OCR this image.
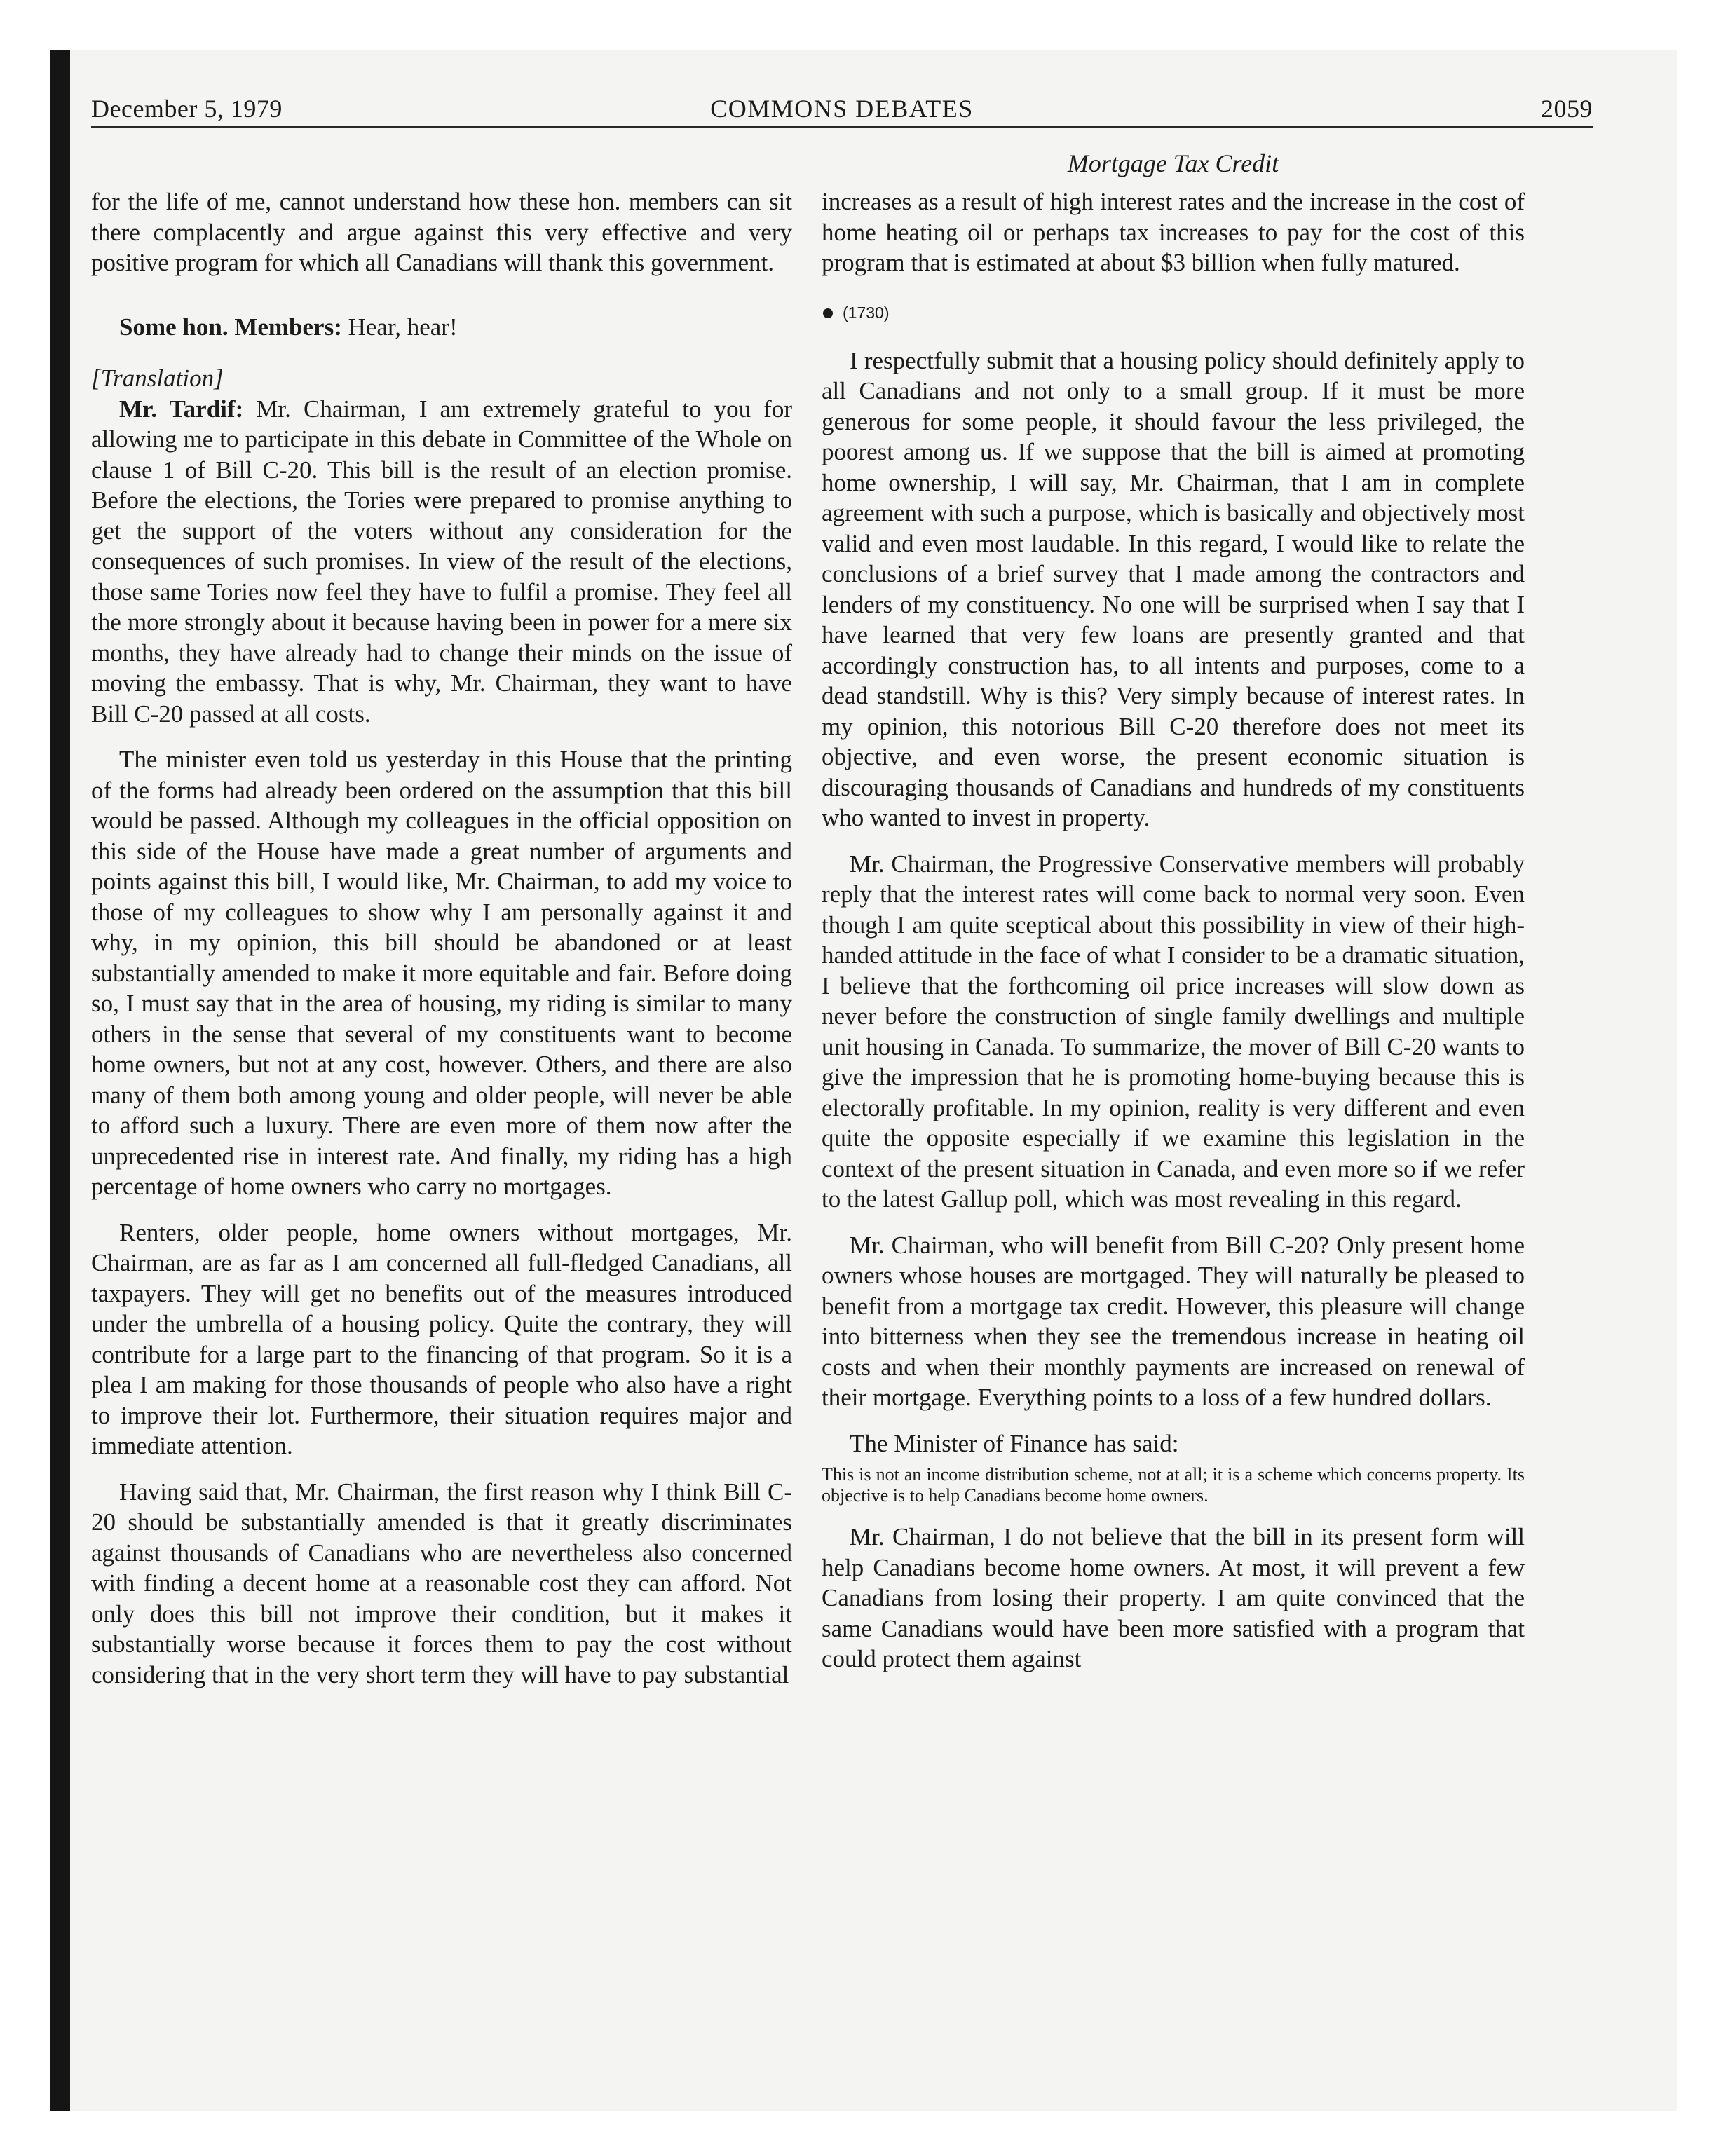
December 5, 1979	COMMONS DEBATES	2059
Mortgage Tax Credit

for the life of me, cannot understand how these hon. members can sit there complacently and argue against this very effective and very positive program for which all Canadians will thank this government.

Some hon. Members: Hear, hear!

[Translation]

Mr. Tardif: Mr. Chairman, I am extremely grateful to you for allowing me to participate in this debate in Committee of the Whole on clause 1 of Bill C-20. This bill is the result of an election promise. Before the elections, the Tories were prepared to promise anything to get the support of the voters without any consideration for the consequences of such promises. In view of the result of the elections, those same Tories now feel they have to fulfil a promise. They feel all the more strongly about it because having been in power for a mere six months, they have already had to change their minds on the issue of moving the embassy. That is why, Mr. Chairman, they want to have Bill C-20 passed at all costs.

The minister even told us yesterday in this House that the printing of the forms had already been ordered on the assumption that this bill would be passed. Although my colleagues in the official opposition on this side of the House have made a great number of arguments and points against this bill, I would like, Mr. Chairman, to add my voice to those of my colleagues to show why I am personally against it and why, in my opinion, this bill should be abandoned or at least substantially amended to make it more equitable and fair. Before doing so, I must say that in the area of housing, my riding is similar to many others in the sense that several of my constituents want to become home owners, but not at any cost, however. Others, and there are also many of them both among young and older people, will never be able to afford such a luxury. There are even more of them now after the unprecedented rise in interest rate. And finally, my riding has a high percentage of home owners who carry no mortgages.

Renters, older people, home owners without mortgages, Mr. Chairman, are as far as I am concerned all full-fledged Canadians, all taxpayers. They will get no benefits out of the measures introduced under the umbrella of a housing policy. Quite the contrary, they will contribute for a large part to the financing of that program. So it is a plea I am making for those thousands of people who also have a right to improve their lot. Furthermore, their situation requires major and immediate attention.

Having said that, Mr. Chairman, the first reason why I think Bill C-20 should be substantially amended is that it greatly discriminates against thousands of Canadians who are nevertheless also concerned with finding a decent home at a reasonable cost they can afford. Not only does this bill not improve their condition, but it makes it substantially worse because it forces them to pay the cost without considering that in the very short term they will have to pay substantial

increases as a result of high interest rates and the increase in the cost of home heating oil or perhaps tax increases to pay for the cost of this program that is estimated at about $3 billion when fully matured.

(1730)

I respectfully submit that a housing policy should definitely apply to all Canadians and not only to a small group. If it must be more generous for some people, it should favour the less privileged, the poorest among us. If we suppose that the bill is aimed at promoting home ownership, I will say, Mr. Chairman, that I am in complete agreement with such a purpose, which is basically and objectively most valid and even most laudable. In this regard, I would like to relate the conclusions of a brief survey that I made among the contractors and lenders of my constituency. No one will be surprised when I say that I have learned that very few loans are presently granted and that accordingly construction has, to all intents and purposes, come to a dead standstill. Why is this? Very simply because of interest rates. In my opinion, this notorious Bill C-20 therefore does not meet its objective, and even worse, the present economic situation is discouraging thousands of Canadians and hundreds of my constituents who wanted to invest in property.

Mr. Chairman, the Progressive Conservative members will probably reply that the interest rates will come back to normal very soon. Even though I am quite sceptical about this possibility in view of their high-handed attitude in the face of what I consider to be a dramatic situation, I believe that the forthcoming oil price increases will slow down as never before the construction of single family dwellings and multiple unit housing in Canada. To summarize, the mover of Bill C-20 wants to give the impression that he is promoting home-buying because this is electorally profitable. In my opinion, reality is very different and even quite the opposite especially if we examine this legislation in the context of the present situation in Canada, and even more so if we refer to the latest Gallup poll, which was most revealing in this regard.

Mr. Chairman, who will benefit from Bill C-20? Only present home owners whose houses are mortgaged. They will naturally be pleased to benefit from a mortgage tax credit. However, this pleasure will change into bitterness when they see the tremendous increase in heating oil costs and when their monthly payments are increased on renewal of their mortgage. Everything points to a loss of a few hundred dollars.

The Minister of Finance has said:

This is not an income distribution scheme, not at all; it is a scheme which concerns property. Its objective is to help Canadians become home owners.

Mr. Chairman, I do not believe that the bill in its present form will help Canadians become home owners. At most, it will prevent a few Canadians from losing their property. I am quite convinced that the same Canadians would have been more satisfied with a program that could protect them against
